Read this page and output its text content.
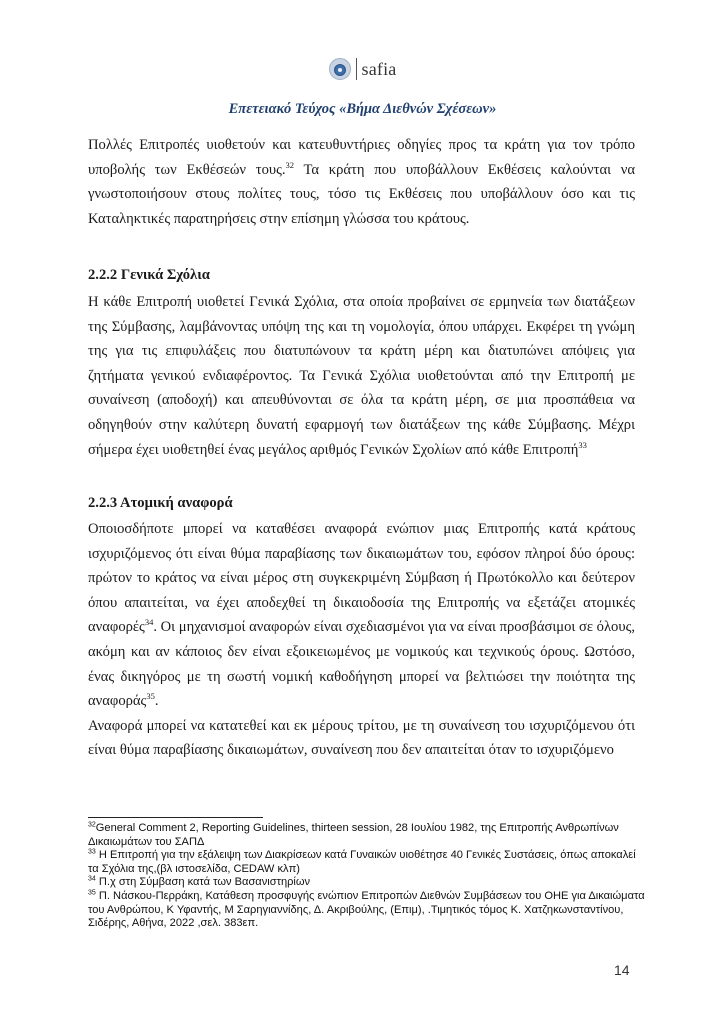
safia
Επετειακό Τεύχος «Βήμα Διεθνών Σχέσεων»

Πολλές Επιτροπές υιοθετούν και κατευθυντήριες οδηγίες προς τα κράτη για τον τρόπο υποβολής των Εκθέσεών τους.$^{32}$ Τα κράτη που υποβάλλουν Εκθέσεις καλούνται να γνωστοποιήσουν στους πολίτες τους, τόσο τις Εκθέσεις που υποβάλλουν όσο και τις Καταληκτικές παρατηρήσεις στην επίσημη γλώσσα του κράτους.

2.2.2 Γενικά Σχόλια

Η κάθε Επιτροπή υιοθετεί Γενικά Σχόλια, στα οποία προβαίνει σε ερμηνεία των διατάξεων της Σύμβασης, λαμβάνοντας υπόψη της και τη νομολογία, όπου υπάρχει. Εκφέρει τη γνώμη της για τις επιφυλάξεις που διατυπώνουν τα κράτη μέρη και διατυπώνει απόψεις για ζητήματα γενικού ενδιαφέροντος. Τα Γενικά Σχόλια υιοθετούνται από την Επιτροπή με συναίνεση (αποδοχή) και απευθύνονται σε όλα τα κράτη μέρη, σε μια προσπάθεια να οδηγηθούν στην καλύτερη δυνατή εφαρμογή των διατάξεων της κάθε Σύμβασης. Μέχρι σήμερα έχει υιοθετηθεί ένας μεγάλος αριθμός Γενικών Σχολίων από κάθε Επιτροπή$^{33}$

2.2.3 Ατομική αναφορά

Οποιοσδήποτε μπορεί να καταθέσει αναφορά ενώπιον μιας Επιτροπής κατά κράτους ισχυριζόμενος ότι είναι θύμα παραβίασης των δικαιωμάτων του, εφόσον πληροί δύο όρους: πρώτον το κράτος να είναι μέρος στη συγκεκριμένη Σύμβαση ή Πρωτόκολλο και δεύτερον όπου απαιτείται, να έχει αποδεχθεί τη δικαιοδοσία της Επιτροπής να εξετάζει ατομικές αναφορές$^{34}$. Οι μηχανισμοί αναφορών είναι σχεδιασμένοι για να είναι προσβάσιμοι σε όλους, ακόμη και αν κάποιος δεν είναι εξοικειωμένος με νομικούς και τεχνικούς όρους. Ωστόσο, ένας δικηγόρος με τη σωστή νομική καθοδήγηση μπορεί να βελτιώσει την ποιότητα της αναφοράς$^{35}$.

Αναφορά μπορεί να κατατεθεί και εκ μέρους τρίτου, με τη συναίνεση του ισχυριζόμενου ότι είναι θύμα παραβίασης δικαιωμάτων, συναίνεση που δεν απαιτείται όταν το ισχυριζόμενο

$^{32}$General Comment 2, Reporting Guidelines, thirteen session, 28 Ιουλίου 1982, της Επιτροπής Ανθρωπίνων Δικαιωμάτων του ΣΑΠΔ

$^{33}$ Η Επιτροπή για την εξάλειψη των Διακρίσεων κατά Γυναικών υιοθέτησε 40 Γενικές Συστάσεις, όπως αποκαλεί τα Σχόλια της,(βλ ιστοσελίδα, CEDAW κλπ)

$^{34}$ Π.χ στη Σύμβαση κατά των Βασανιστηρίων

$^{35}$ Π. Νάσκου-Περράκη, Κατάθεση προσφυγής ενώπιον Επιτροπών Διεθνών Συμβάσεων του ΟΗΕ για Δικαιώματα του Ανθρώπου, Κ Υφαντής, Μ Σαρηγιαννίδης, Δ. Ακριβούλης, (Επιμ), .Τιμητικός τόμος Κ. Χατζηκωνσταντίνου, Σιδέρης, Αθήνα, 2022 ,σελ. 383επ.

14
